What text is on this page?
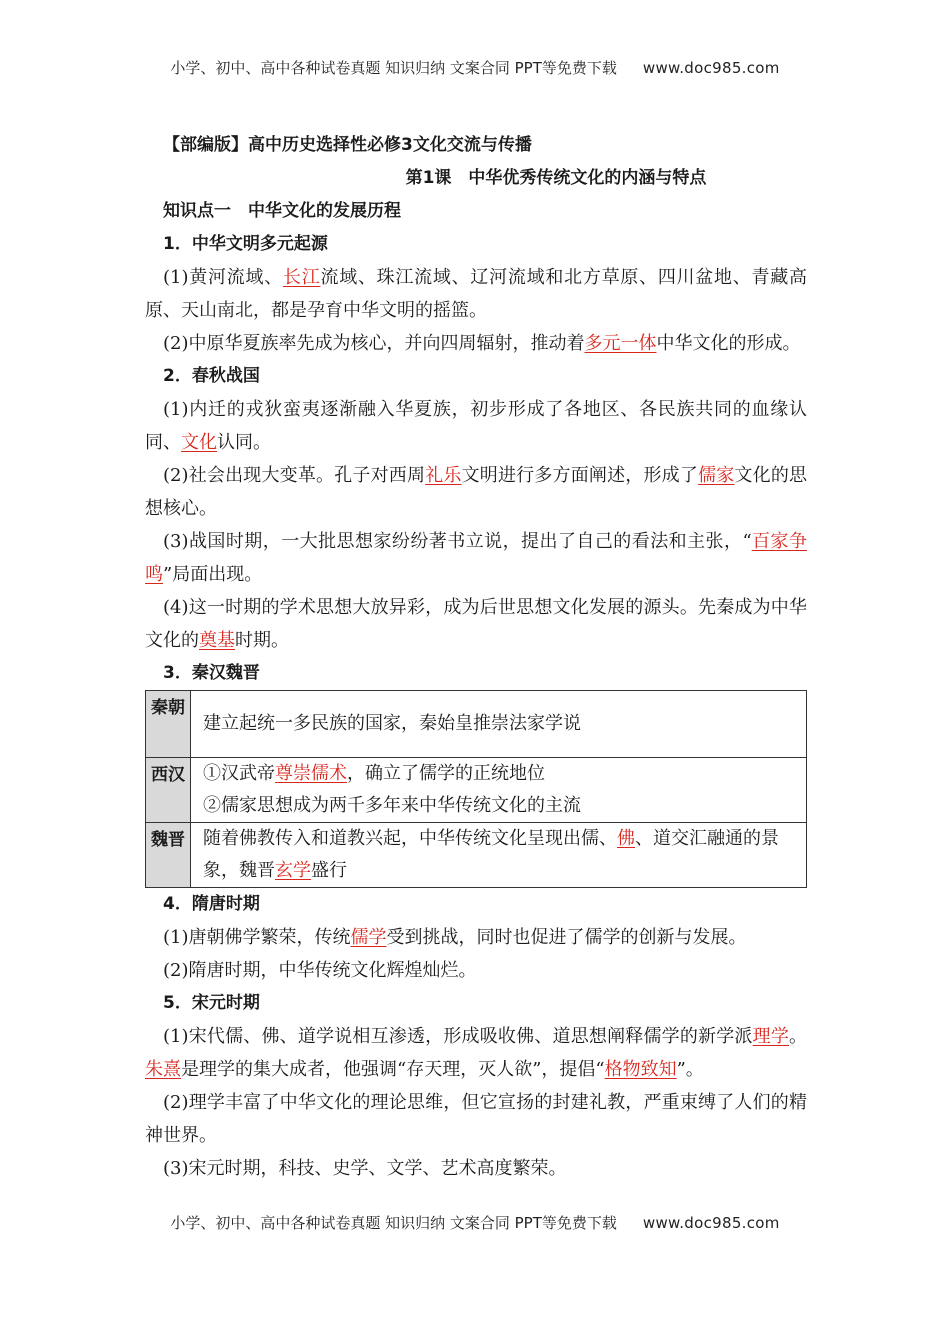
小学、初中、高中各种试卷真题 知识归纳 文案合同 PPT等免费下载 www.doc985.com
【部编版】高中历史选择性必修3文化交流与传播
第1课　中华优秀传统文化的内涵与特点
知识点一　中华文化的发展历程
1．中华文明多元起源
(1)黄河流域、长江流域、珠江流域、辽河流域和北方草原、四川盆地、青藏高原、天山南北，都是孕育中华文明的摇篮。
(2)中原华夏族率先成为核心，并向四周辐射，推动着多元一体中华文化的形成。
2．春秋战国
(1)内迁的戎狄蛮夷逐渐融入华夏族，初步形成了各地区、各民族共同的血缘认同、文化认同。
(2)社会出现大变革。孔子对西周礼乐文明进行多方面阐述，形成了儒家文化的思想核心。
(3)战国时期，一大批思想家纷纷著书立说，提出了自己的看法和主张，“百家争鸣”局面出现。
(4)这一时期的学术思想大放异彩，成为后世思想文化发展的源头。先秦成为中华文化的奠基时期。
3．秦汉魏晋
秦朝	建立起统一多民族的国家，秦始皇推崇法家学说
西汉	①汉武帝尊崇儒术，确立了儒学的正统地位
②儒家思想成为两千多年来中华传统文化的主流

魏晋	随着佛教传入和道教兴起，中华传统文化呈现出儒、佛、道交汇融通的景象，魏晋玄学盛行
4．隋唐时期
(1)唐朝佛学繁荣，传统儒学受到挑战，同时也促进了儒学的创新与发展。
(2)隋唐时期，中华传统文化辉煌灿烂。
5．宋元时期
(1)宋代儒、佛、道学说相互渗透，形成吸收佛、道思想阐释儒学的新学派理学。朱熹是理学的集大成者，他强调“存天理，灭人欲”，提倡“格物致知”。
(2)理学丰富了中华文化的理论思维，但它宣扬的封建礼教，严重束缚了人们的精神世界。
(3)宋元时期，科技、史学、文学、艺术高度繁荣。
小学、初中、高中各种试卷真题 知识归纳 文案合同 PPT等免费下载 www.doc985.com
